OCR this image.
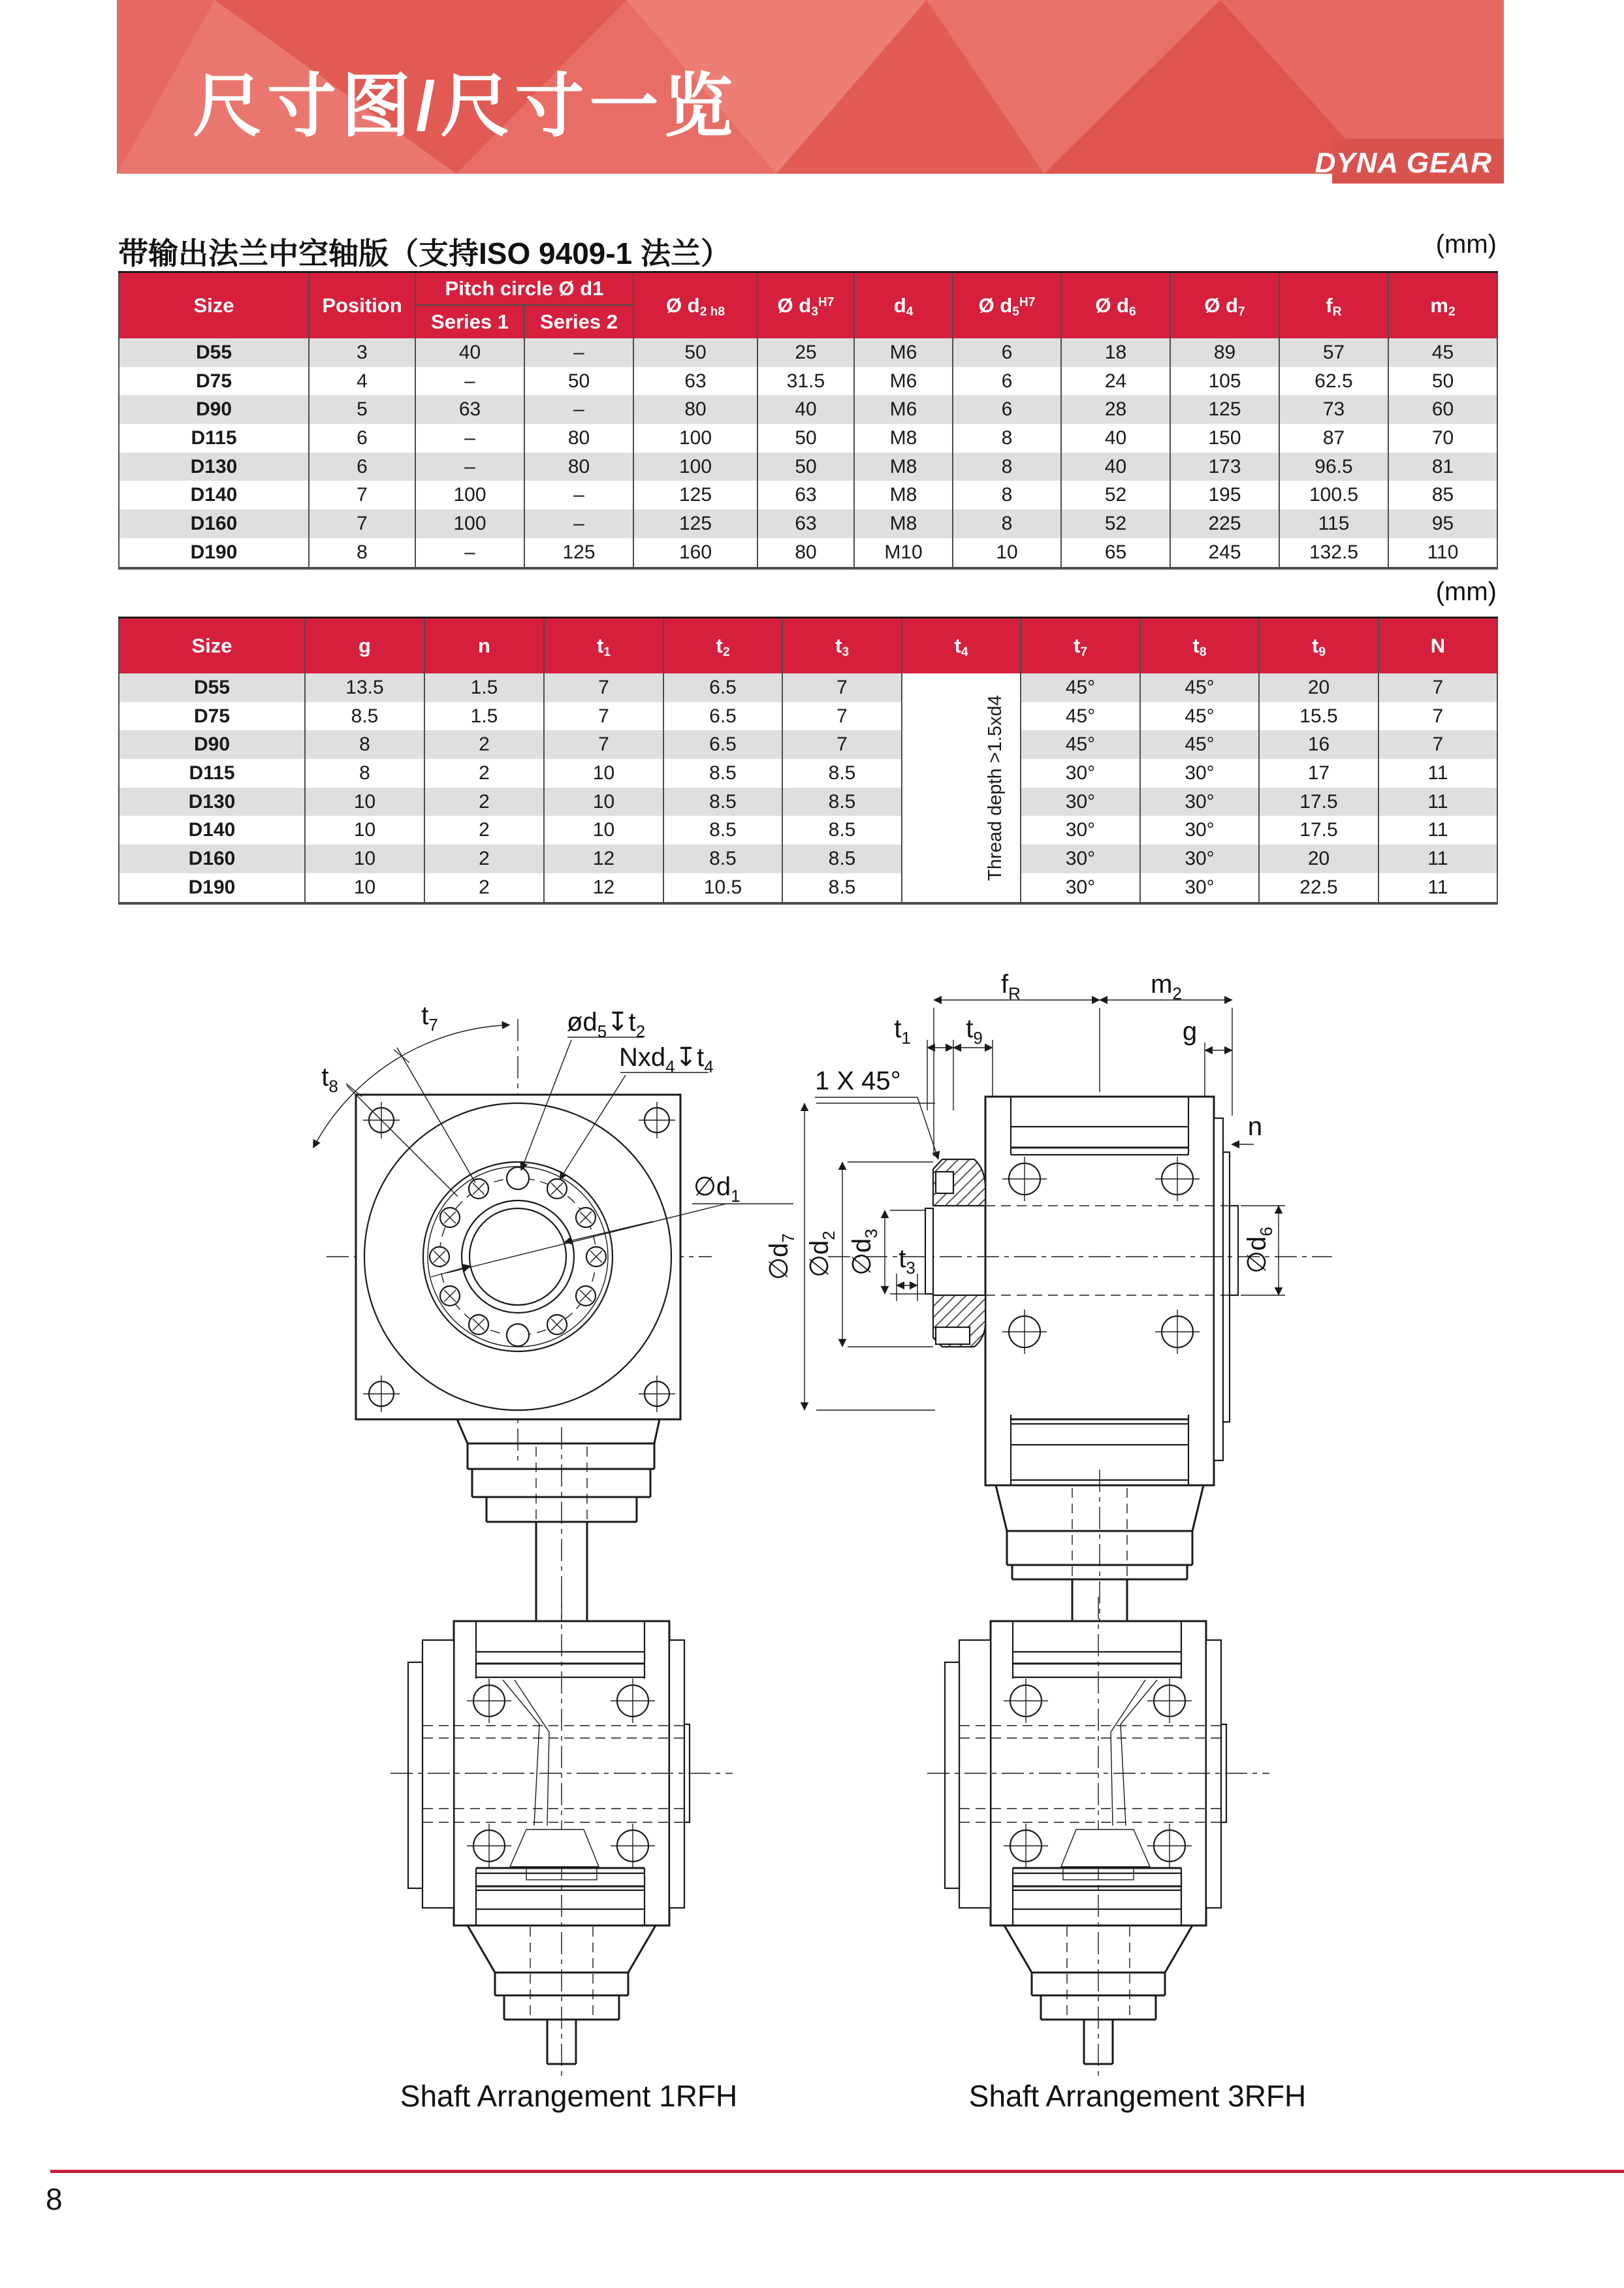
尺寸图/尺寸一览
DYNA GEAR
带输出法兰中空轴版（支持ISO 9409-1 法兰）	(mm)
Size	Position	Pitch circle Ø d1		Ø $d_{2 h8}$	Ø $d_3^{H7}$	$d_4$	Ø $d_5^{H7}$	Ø $d_6$	Ø $d_7$	$f_R$	$m_2$
		Series 1	Series 2								
D55	3	40	–	50	25	M6	6	18	89	57	45
D75	4	–	50	63	31.5	M6	6	24	105	62.5	50
D90	5	63	–	80	40	M6	6	28	125	73	60
D115	6	–	80	100	50	M8	8	40	150	87	70
D130	6	–	80	100	50	M8	8	40	173	96.5	81
D140	7	100	–	125	63	M8	8	52	195	100.5	85
D160	7	100	–	125	63	M8	8	52	225	115	95
D190	8	–	125	160	80	M10	10	65	245	132.5	110
(mm)
Size	g	n	$t_1$	$t_2$	$t_3$	$t_4$	$t_7$	$t_8$	$t_9$	N
D55	13.5	1.5	7	6.5	7	Thread depth >1.5xd4	45°	45°	20	7
D75	8.5	1.5	7	6.5	7		45°	45°	15.5	7
D90	8	2	7	6.5	7		45°	45°	16	7
D115	8	2	10	8.5	8.5		30°	30°	17	11
D130	10	2	10	8.5	8.5		30°	30°	17.5	11
D140	10	2	10	8.5	8.5		30°	30°	17.5	11
D160	10	2	12	8.5	8.5		30°	30°	20	11
D190	10	2	12	10.5	8.5		30°	30°	22.5	11
$t_7$
$t_8$
$ød_5↧t_2$
$Nxd_4↧t_4$
$\emptyset d_1$
$f_R$	$m_2$
$t_1$ $t_9$	g
1 X 45°
n
$\emptyset d_7$
$\emptyset d_2$
$\emptyset d_3$
$t_3$	$\emptyset d_6$
Shaft Arrangement 1RFH	Shaft Arrangement 3RFH
8
